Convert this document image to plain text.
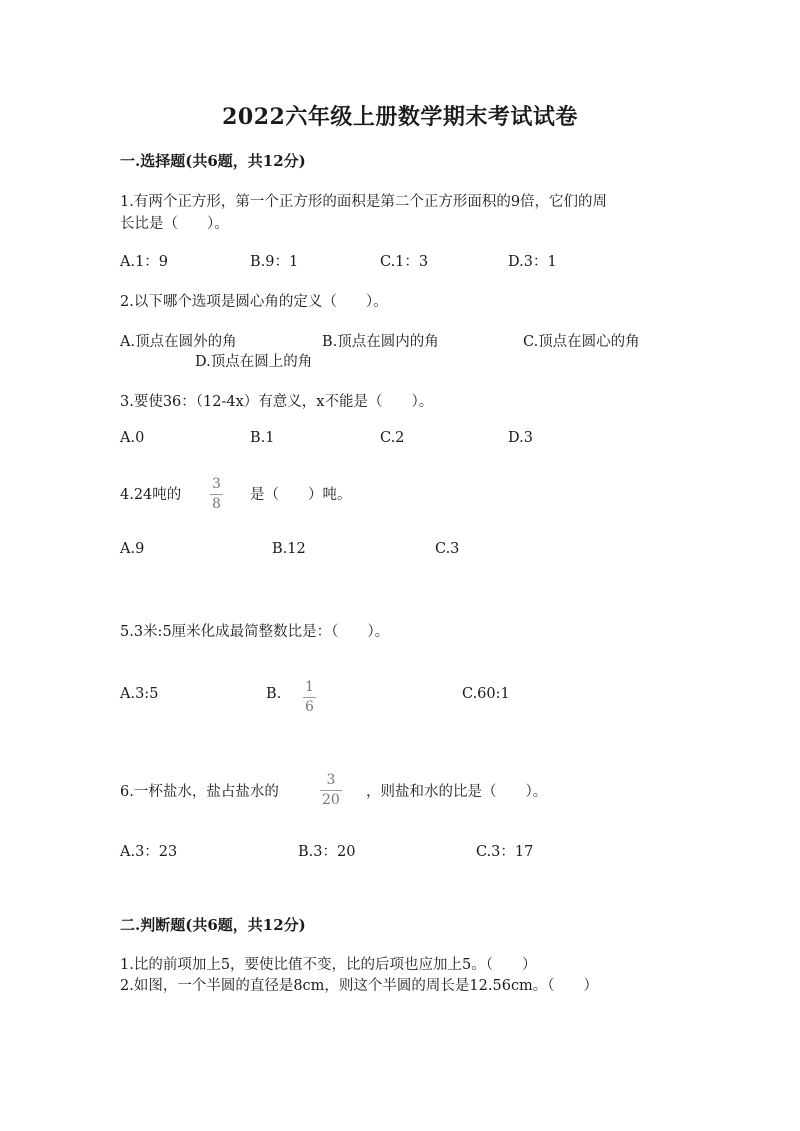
2022六年级上册数学期末考试试卷
一.选择题(共6题，共12分)
1.有两个正方形，第一个正方形的面积是第二个正方形面积的9倍，它们的周
长比是（　　）。
A.1：9	B.9：1	C.1：3	D.3：1
2.以下哪个选项是圆心角的定义（　　）。
A.顶点在圆外的角	B.顶点在圆内的角	C.顶点在圆心的角
D.顶点在圆上的角
3.要使36：（12-4x）有意义，x不能是（　　）。
A.0	B.1	C.2	D.3
4.24吨的
3
8
是（　　）吨。
A.9	B.12	C.3
5.3米:5厘米化成最简整数比是：（　　）。
A.3:5	B. 1
6
C.60:1
6.一杯盐水，盐占盐水的
3
20 ，则盐和水的比是（　　）。
A.3：23	B.3：20	C.3：17
二.判断题(共6题，共12分)
1.比的前项加上5，要使比值不变，比的后项也应加上5。（　　）
2.如图，一个半圆的直径是8cm，则这个半圆的周长是12.56cm。（　　）
